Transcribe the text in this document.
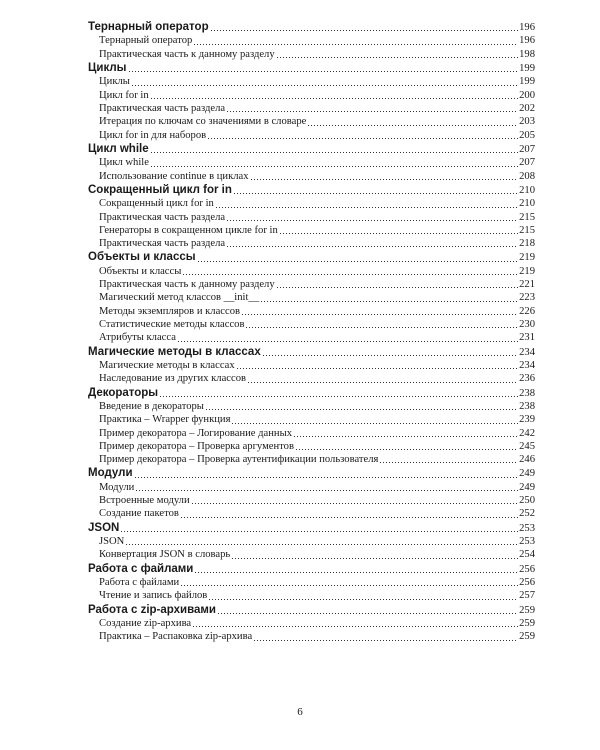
Тернарный оператор	196
Тернарный оператор	196
Практическая часть к данному разделу	198
Циклы	199
Циклы	199
Цикл for in	200
Практическая часть раздела	202
Итерация по ключам со значениями в словаре	203
Цикл for in для наборов	205
Цикл while	207
Цикл while	207
Использование continue в циклах	208
Сокращенный цикл for in	210
Сокращенный цикл for in	210
Практическая часть раздела	215
Генераторы в сокращенном цикле for in	215
Практическая часть раздела	218
Объекты и классы	219
Объекты и классы	219
Практическая часть к данному разделу	221
Магический метод классов __init__	223
Методы экземпляров и классов	226
Статистические методы классов	230
Атрибуты класса	231
Магические методы в классах	234
Магические методы в классах	234
Наследование из других классов	236
Декораторы	238
Введение в декораторы	238
Практика – Wrapper функция	239
Пример декоратора – Логирование данных	242
Пример декоратора – Проверка аргументов	245
Пример декоратора – Проверка аутентификации пользователя	246
Модули	249
Модули	249
Встроенные модули	250
Создание пакетов	252
JSON	253
JSON	253
Конвертация JSON в словарь	254
Работа с файлами	256
Работа с файлами	256
Чтение и запись файлов	257
Работа с zip-архивами	259
Создание zip-архива	259
Практика – Распаковка zip-архива	259
6
